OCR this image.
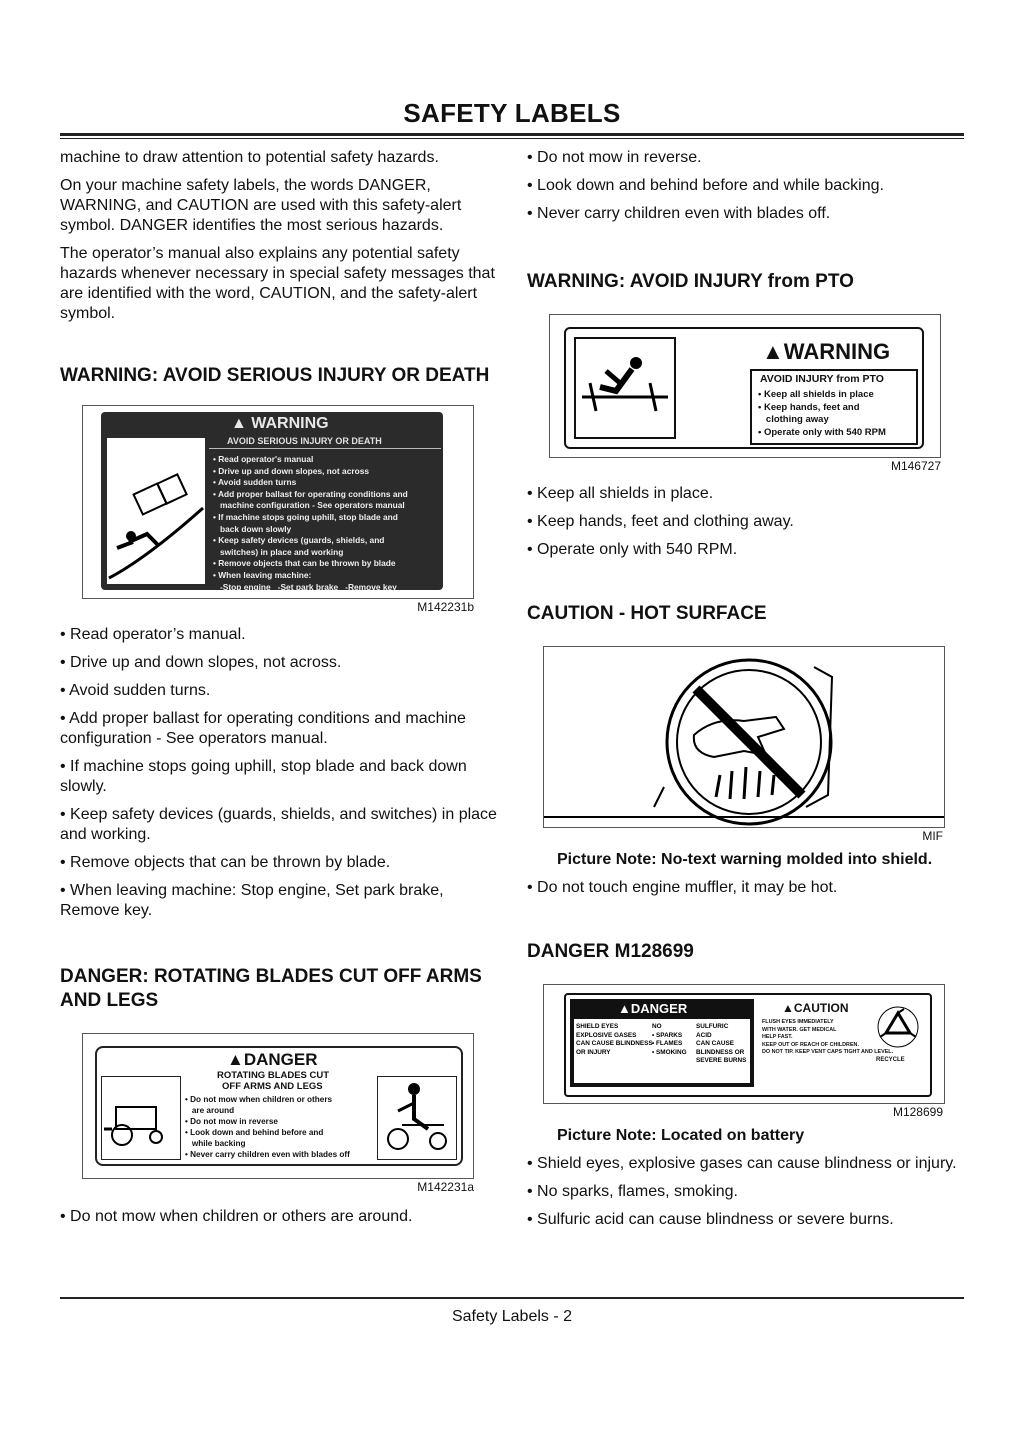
SAFETY LABELS

machine to draw attention to potential safety hazards.

On your machine safety labels, the words DANGER, WARNING, and CAUTION are used with this safety-alert symbol. DANGER identifies the most serious hazards.

The operator’s manual also explains any potential safety hazards whenever necessary in special safety messages that are identified with the word, CAUTION, and the safety-alert symbol.

WARNING: AVOID SERIOUS INJURY OR DEATH
▲ WARNING
AVOID SERIOUS INJURY OR DEATH
• Read operator's manual
• Drive up and down slopes, not across
• Avoid sudden turns
• Add proper ballast for operating conditions and
machine configuration - See operators manual
• If machine stops going uphill, stop blade and
back down slowly
• Keep safety devices (guards, shields, and
switches) in place and working
• Remove objects that can be thrown by blade
• When leaving machine:
-Stop engine   -Set park brake   -Remove key
M142231b

• Read operator’s manual.

• Drive up and down slopes, not across.

• Avoid sudden turns.

• Add proper ballast for operating conditions and machine configuration - See operators manual.

• If machine stops going uphill, stop blade and back down slowly.

• Keep safety devices (guards, shields, and switches) in place and working.

• Remove objects that can be thrown by blade.

• When leaving machine: Stop engine, Set park brake, Remove key.

DANGER: ROTATING BLADES CUT OFF ARMS AND LEGS
▲DANGER
ROTATING BLADES CUT
OFF ARMS AND LEGS
• Do not mow when children or others
are around
• Do not mow in reverse
• Look down and behind before and
while backing
• Never carry children even with blades off
M142231a

• Do not mow when children or others are around.

• Do not mow in reverse.

• Look down and behind before and while backing.

• Never carry children even with blades off.

WARNING: AVOID INJURY from PTO
▲WARNING
AVOID INJURY from PTO
• Keep all shields in place
• Keep hands, feet and
clothing away
• Operate only with 540 RPM
M146727

• Keep all shields in place.

• Keep hands, feet and clothing away.

• Operate only with 540 RPM.

CAUTION - HOT SURFACE
MIF

Picture Note: No-text warning molded into shield.

• Do not touch engine muffler, it may be hot.

DANGER M128699
▲DANGER
SHIELD EYES
EXPLOSIVE GASES
CAN CAUSE BLINDNESS
OR INJURY
NO
• SPARKS
• FLAMES
• SMOKING
SULFURIC
ACID
CAN CAUSE
BLINDNESS OR
SEVERE BURNS
▲CAUTION
FLUSH EYES IMMEDIATELY
WITH WATER. GET MEDICAL
HELP FAST.
KEEP OUT OF REACH OF CHILDREN.
DO NOT TIP. KEEP VENT CAPS TIGHT AND LEVEL.
RECYCLE
M128699

Picture Note: Located on battery

• Shield eyes, explosive gases can cause blindness or injury.

• No sparks, flames, smoking.

• Sulfuric acid can cause blindness or severe burns.

Safety Labels - 2
